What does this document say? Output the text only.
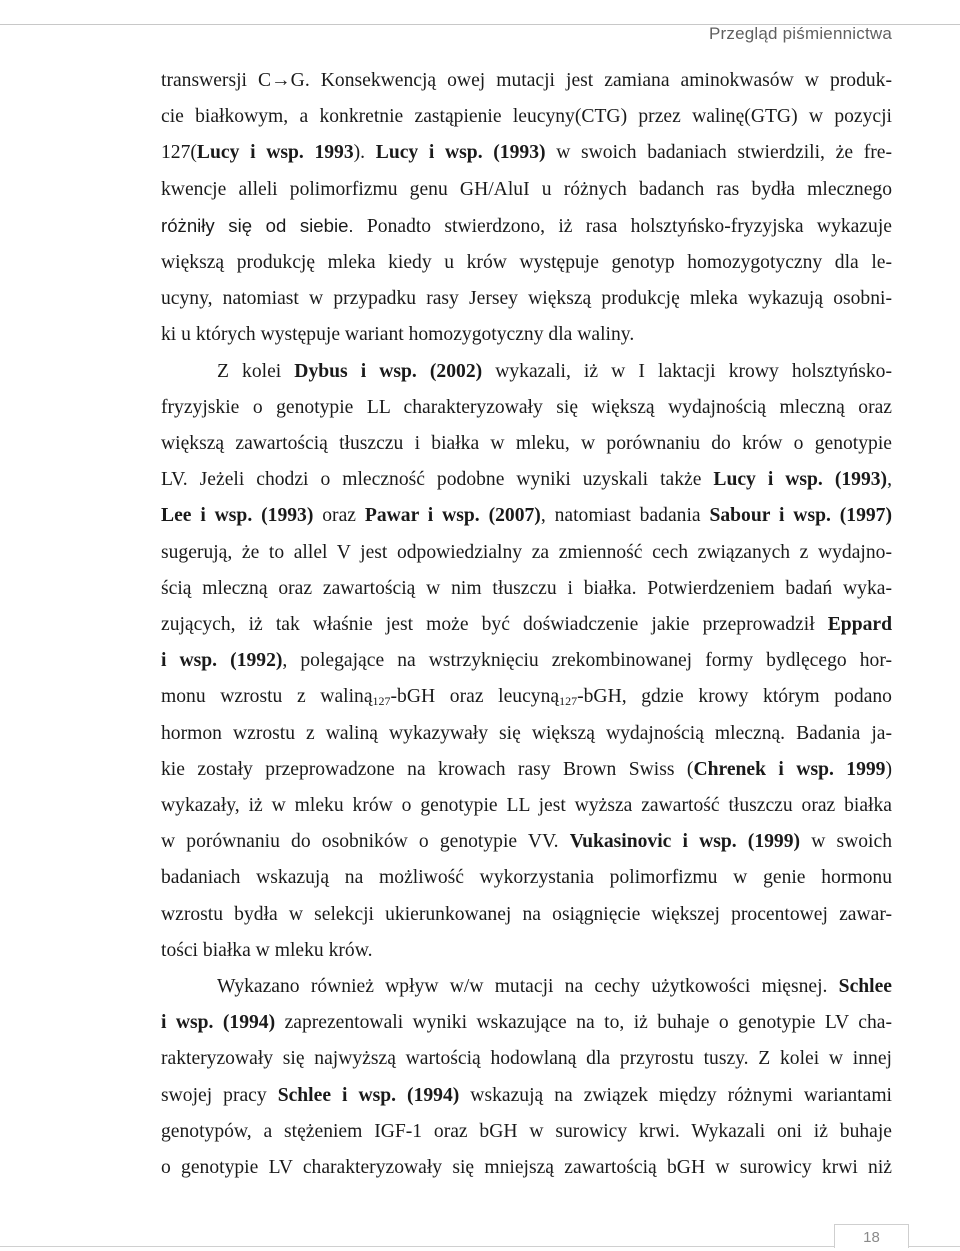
Przegląd piśmiennictwa

transwersji C→G. Konsekwencją owej mutacji jest zamiana aminokwasów w produk-

cie białkowym, a konkretnie zastąpienie leucyny(CTG) przez walinę(GTG) w pozycji

127(Lucy i wsp. 1993). Lucy i wsp. (1993) w swoich badaniach stwierdzili, że fre-

kwencje alleli polimorfizmu genu GH/AluI u różnych badanch ras bydła mlecznego

różniły się od siebie. Ponadto stwierdzono, iż rasa holsztyńsko-fryzyjska wykazuje

większą produkcję mleka kiedy u krów występuje genotyp homozygotyczny dla le-

ucyny, natomiast w przypadku rasy Jersey większą produkcję mleka wykazują osobni-

ki u których występuje wariant homozygotyczny dla waliny.

Z kolei Dybus i wsp. (2002) wykazali, iż w I laktacji krowy holsztyńsko-

fryzyjskie o genotypie LL charakteryzowały się większą wydajnością mleczną oraz

większą zawartością tłuszczu i białka w mleku, w porównaniu do krów o genotypie

LV. Jeżeli chodzi o mleczność podobne wyniki uzyskali także Lucy i wsp. (1993),

Lee i wsp. (1993) oraz Pawar i wsp. (2007), natomiast badania Sabour i wsp. (1997)

sugerują, że to allel V jest odpowiedzialny za zmienność cech związanych z wydajno-

ścią mleczną oraz zawartością w nim tłuszczu i białka. Potwierdzeniem badań wyka-

zujących, iż tak właśnie jest może być doświadczenie jakie przeprowadził Eppard

i wsp. (1992), polegające na wstrzyknięciu zrekombinowanej formy bydlęcego hor-

monu wzrostu z waliną$_{127}$-bGH oraz leucyną$_{127}$-bGH, gdzie krowy którym podano

hormon wzrostu z waliną wykazywały się większą wydajnością mleczną. Badania ja-

kie zostały przeprowadzone na krowach rasy Brown Swiss (Chrenek i wsp. 1999)

wykazały, iż w mleku krów o genotypie LL jest wyższa zawartość tłuszczu oraz białka

w porównaniu do osobników o genotypie VV. Vukasinovic i wsp. (1999) w swoich

badaniach wskazują na możliwość wykorzystania polimorfizmu w genie hormonu

wzrostu bydła w selekcji ukierunkowanej na osiągnięcie większej procentowej zawar-

tości białka w mleku krów.

Wykazano również wpływ w/w mutacji na cechy użytkowości mięsnej. Schlee

i wsp. (1994) zaprezentowali wyniki wskazujące na to, iż buhaje o genotypie LV cha-

rakteryzowały się najwyższą wartością hodowlaną dla przyrostu tuszy. Z kolei w innej

swojej pracy Schlee i wsp. (1994) wskazują na związek między różnymi wariantami

genotypów, a stężeniem IGF-1 oraz bGH w surowicy krwi. Wykazali oni iż buhaje

o genotypie LV charakteryzowały się mniejszą zawartością bGH w surowicy krwi niż

18
